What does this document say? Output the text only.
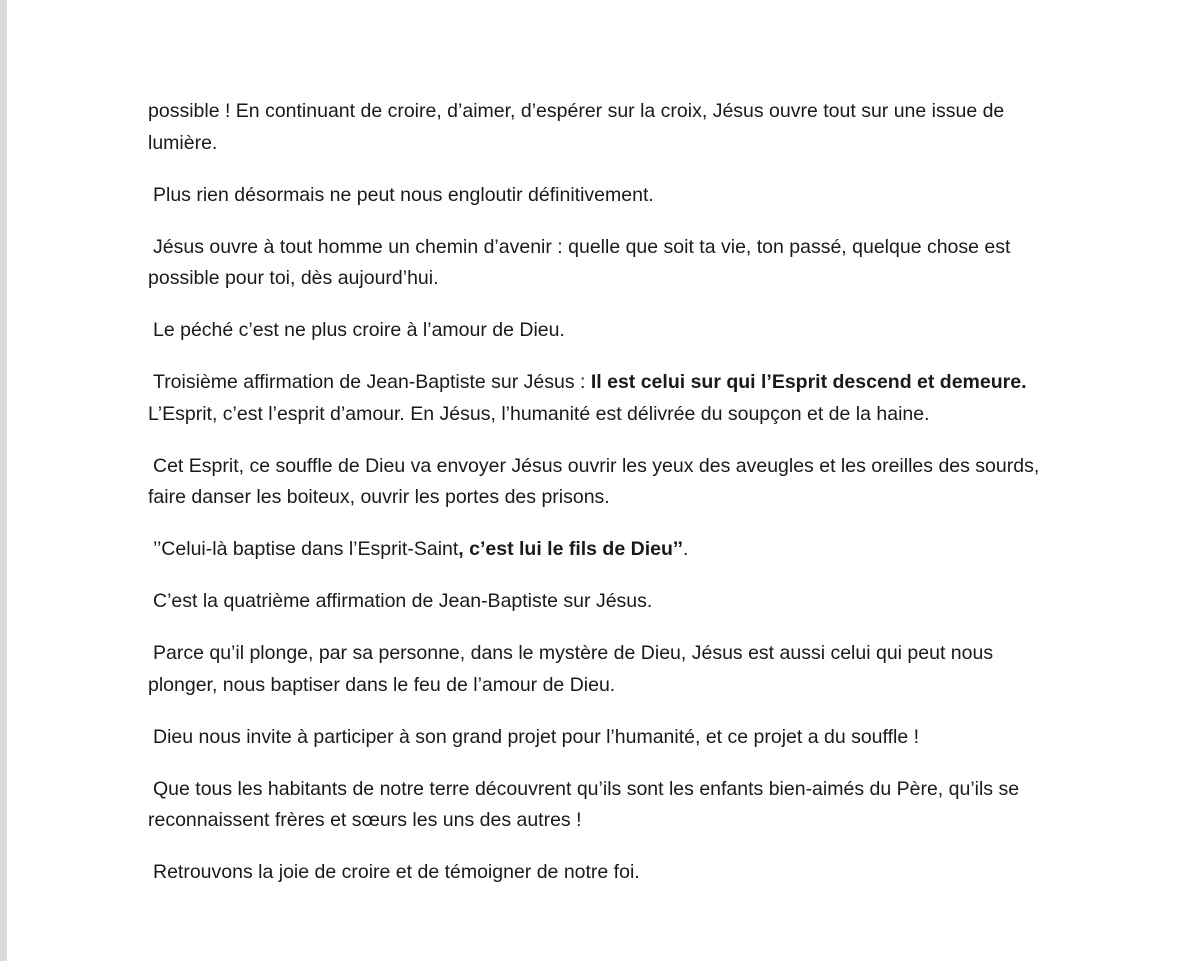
possible ! En continuant de croire, d’aimer, d’espérer sur la croix, Jésus ouvre tout sur une issue de
lumière.

Plus rien désormais ne peut nous engloutir définitivement.

Jésus ouvre à tout homme un chemin d’avenir : quelle que soit ta vie, ton passé, quelque chose est
possible pour toi, dès aujourd’hui.

Le péché c’est ne plus croire à l’amour de Dieu.

Troisième affirmation de Jean-Baptiste sur Jésus : Il est celui sur qui l’Esprit descend et demeure.
L’Esprit, c’est l’esprit d’amour. En Jésus, l’humanité est délivrée du soupçon et de la haine.

Cet Esprit, ce souffle de Dieu va envoyer Jésus ouvrir les yeux des aveugles et les oreilles des sourds,
faire danser les boiteux, ouvrir les portes des prisons.

’’Celui-là baptise dans l’Esprit-Saint, c’est lui le fils de Dieu’’.

C’est la quatrième affirmation de Jean-Baptiste sur Jésus.

Parce qu’il plonge, par sa personne, dans le mystère de Dieu, Jésus est aussi celui qui peut nous
plonger, nous baptiser dans le feu de l’amour de Dieu.

Dieu nous invite à participer à son grand projet pour l’humanité, et ce projet a du souffle !

Que tous les habitants de notre terre découvrent qu’ils sont les enfants bien-aimés du Père, qu’ils se
reconnaissent frères et sœurs les uns des autres !

Retrouvons la joie de croire et de témoigner de notre foi.
